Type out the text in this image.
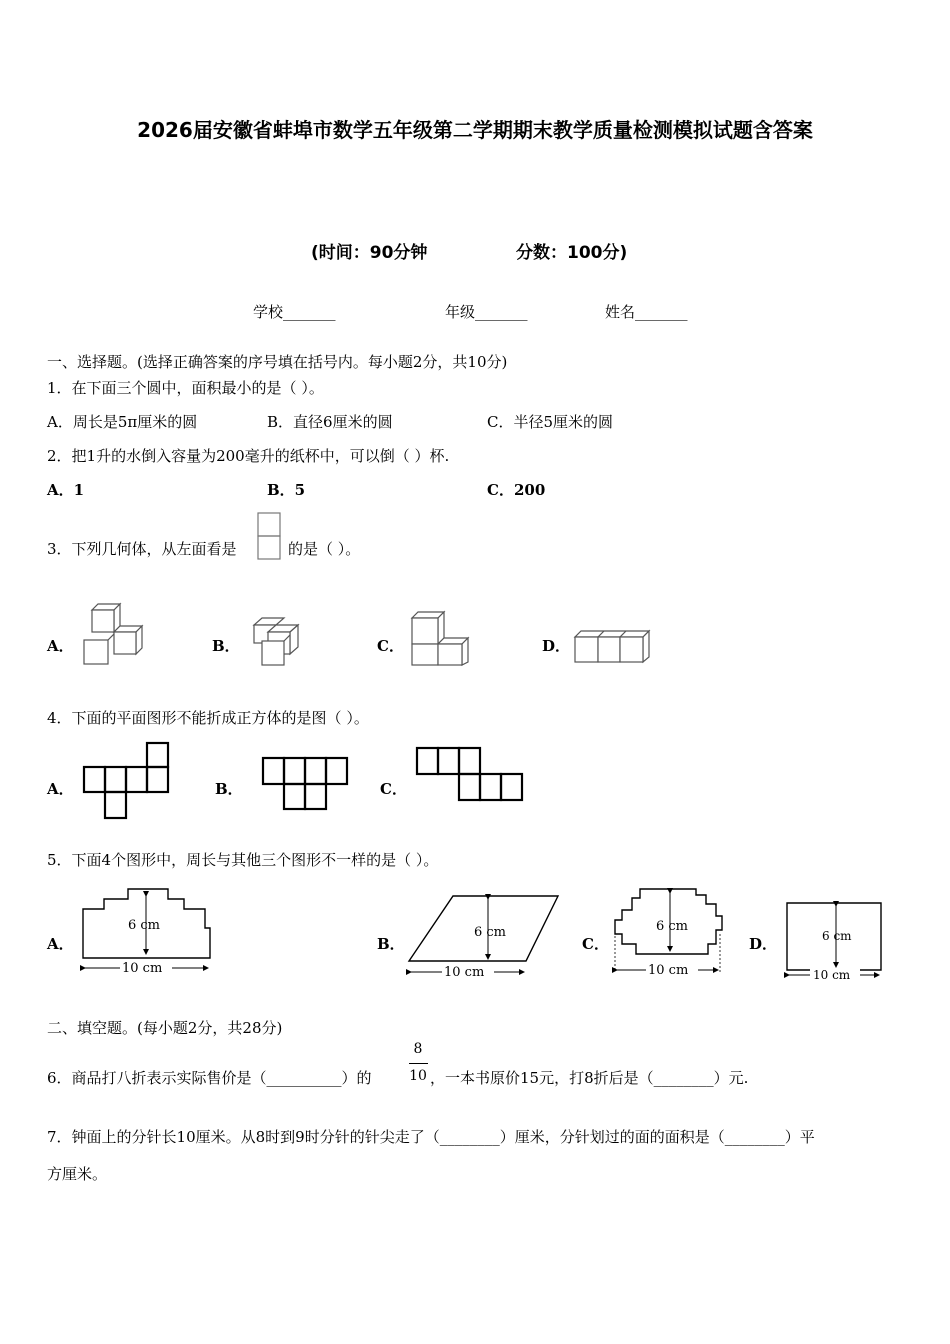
2026届安徽省蚌埠市数学五年级第二学期期末教学质量检测模拟试题含答案
(时间：90分钟	分数：100分)
学校_______	年级_______	姓名_______
一、选择题。(选择正确答案的序号填在括号内。每小题2分，共10分)
1．在下面三个圆中，面积最小的是（ ）。
A．周长是5π厘米的圆	B．直径6厘米的圆	C．半径5厘米的圆
2．把1升的水倒入容量为200毫升的纸杯中，可以倒（ ）杯.
A．1	B．5	C．200
3．下列几何体，从左面看是	的是（ ）。
A．	B．	C．	D．
4．下面的平面图形不能折成正方体的是图（ ）。
A．	B．	C．
5．下面4个图形中，周长与其他三个图形不一样的是（ ）。
A．
6 cm
10 cm
B．
6 cm
10 cm
C．
6 cm
10 cm
D．	6 cm
10 cm
二、填空题。(每小题2分，共28分)
6．商品打八折表示实际售价是（__________）的
8
10 ，一本书原价15元，打8折后是（________）元.
7．钟面上的分针长10厘米。从8时到9时分针的针尖走了（________）厘米，分针划过的面的面积是（________）平
方厘米。
